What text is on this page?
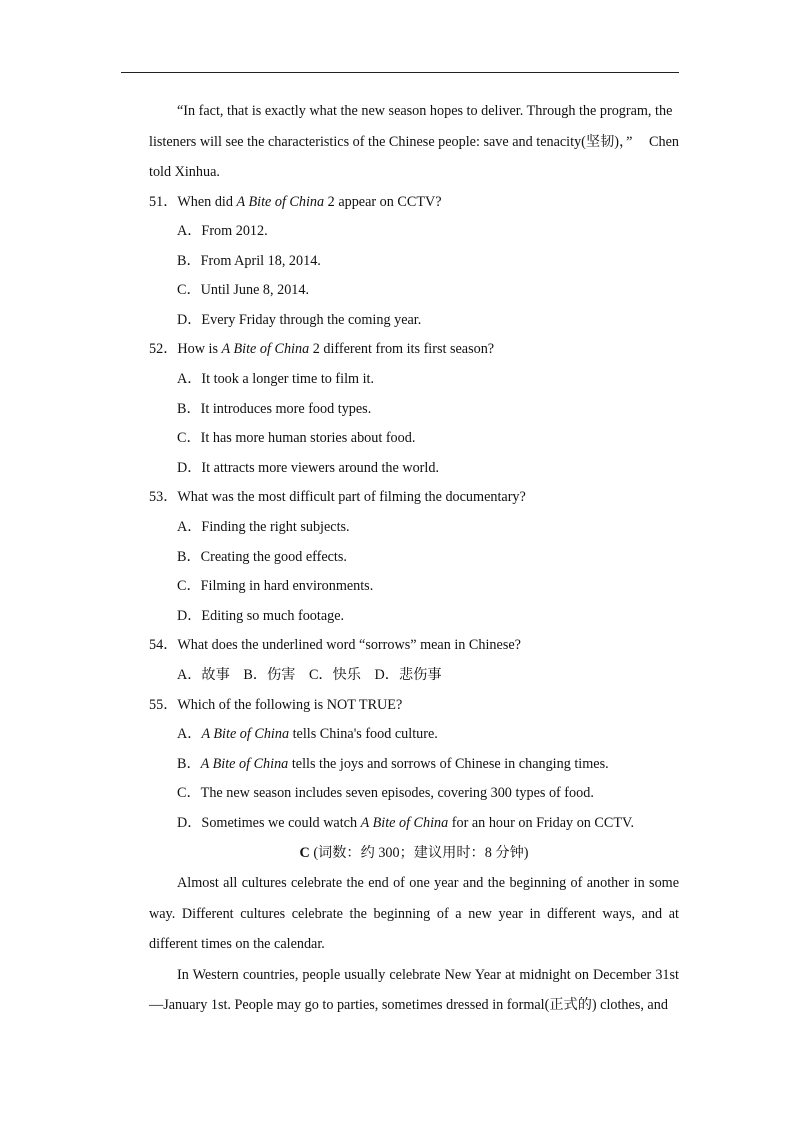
“In fact, that is exactly what the new season hopes to deliver. Through the program, the

listeners will see the characteristics of the Chinese people: save and tenacity(坚韧)，” Chen

told Xinhua.

51．When did A Bite of China 2 appear on CCTV?

A．From 2012.

B．From April 18, 2014.

C．Until June 8, 2014.

D．Every Friday through the coming year.

52．How is A Bite of China 2 different from its first season?

A．It took a longer time to film it.

B．It introduces more food types.

C．It has more human stories about food.

D．It attracts more viewers around the world.

53．What was the most difficult part of filming the documentary?

A．Finding the right subjects.

B．Creating the good effects.

C．Filming in hard environments.

D．Editing so much footage.

54．What does the underlined word “sorrows” mean in Chinese?

A．故事 B．伤害 C．快乐 D．悲伤事

55．Which of the following is NOT TRUE?

A．A Bite of China tells China's food culture.

B．A Bite of China tells the joys and sorrows of Chinese in changing times.

C．The new season includes seven episodes, covering 300 types of food.

D．Sometimes we could watch A Bite of China for an hour on Friday on CCTV.

C (词数：约 300；建议用时：8 分钟)

Almost all cultures celebrate the end of one year and the beginning of another in some way. Different cultures celebrate the beginning of a new year in different ways, and at different times on the calendar.

In Western countries, people usually celebrate New Year at midnight on December 31st —January 1st. People may go to parties, sometimes dressed in formal(正式的) clothes, and
